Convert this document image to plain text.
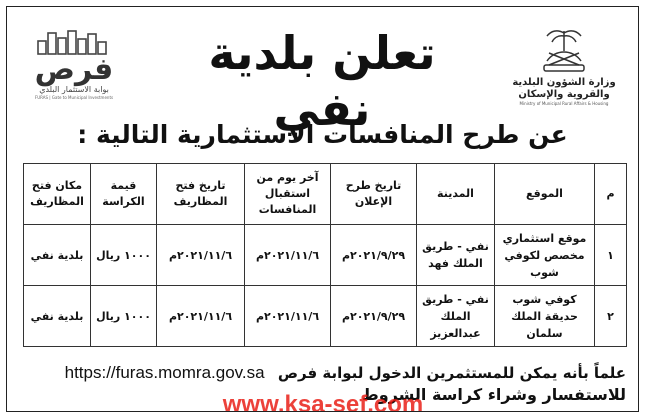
فرص
بوابة الاستثمار البلدي
FURAS | Gate to Municipal Investments
تعلن بلدية نفي	وزارة الشؤون البلدية
والقروية والإسكان
Ministry of Municipal Rural Affairs & Housing
عن طرح المنافسات الاستثمارية التالية :
م	الموقع	المدينة	تاريخ طرح الإعلان	آخر يوم من استقبال المنافسات	تاريخ فتح المظاريف	قيمة الكراسة	مكان فتح المظاريف
١	موقع استثماري مخصص لكوفي شوب	نفي - طريق الملك فهد	٢٠٢١/٩/٢٩م	٢٠٢١/١١/٦م	٢٠٢١/١١/٦م	١٠٠٠ ريال	بلدية نفي
٢	كوفي شوب حديقة الملك سلمان	نفي - طريق الملك عبدالعزيز	٢٠٢١/٩/٢٩م	٢٠٢١/١١/٦م	٢٠٢١/١١/٦م	١٠٠٠ ريال	بلدية نفي
علماً بأنه يمكن للمستثمرين الدخول لبوابة فرص https://furas.momra.gov.sa
للاستفسار وشراء كراسة الشروط
www.ksa-sef.com
